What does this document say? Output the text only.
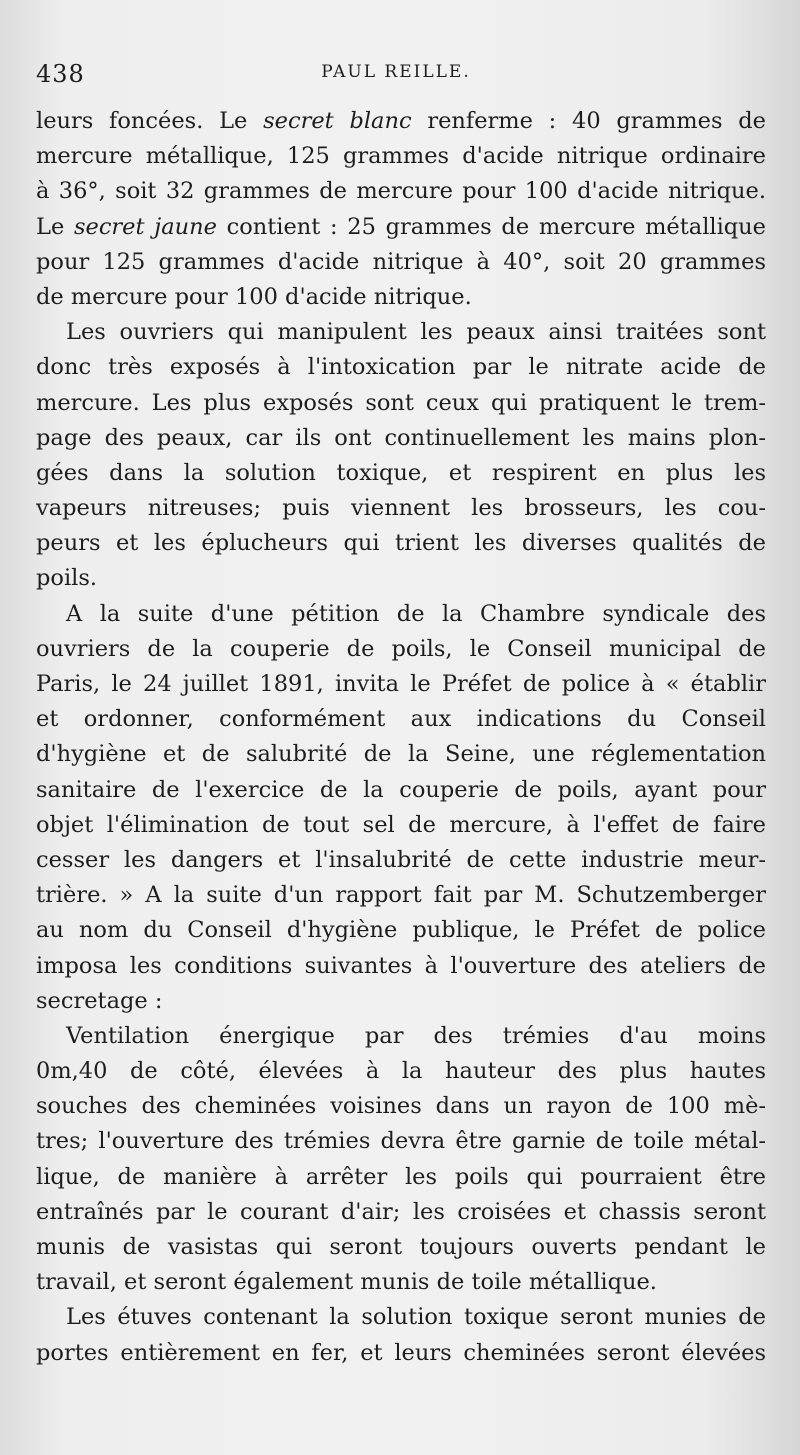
438	PAUL REILLE.
leurs foncées. Le secret blanc renferme : 40 grammes de
mercure métallique, 125 grammes d'acide nitrique ordinaire
à 36°, soit 32 grammes de mercure pour 100 d'acide nitrique.
Le secret jaune contient : 25 grammes de mercure métallique
pour 125 grammes d'acide nitrique à 40°, soit 20 grammes
de mercure pour 100 d'acide nitrique.
Les ouvriers qui manipulent les peaux ainsi traitées sont
donc très exposés à l'intoxication par le nitrate acide de
mercure. Les plus exposés sont ceux qui pratiquent le trem-
page des peaux, car ils ont continuellement les mains plon-
gées dans la solution toxique, et respirent en plus les
vapeurs nitreuses; puis viennent les brosseurs, les cou-
peurs et les éplucheurs qui trient les diverses qualités de
poils.
A la suite d'une pétition de la Chambre syndicale des
ouvriers de la couperie de poils, le Conseil municipal de
Paris, le 24 juillet 1891, invita le Préfet de police à « établir
et ordonner, conformément aux indications du Conseil
d'hygiène et de salubrité de la Seine, une réglementation
sanitaire de l'exercice de la couperie de poils, ayant pour
objet l'élimination de tout sel de mercure, à l'effet de faire
cesser les dangers et l'insalubrité de cette industrie meur-
trière. » A la suite d'un rapport fait par M. Schutzemberger
au nom du Conseil d'hygiène publique, le Préfet de police
imposa les conditions suivantes à l'ouverture des ateliers de
secretage :
Ventilation énergique par des trémies d'au moins
0m,40 de côté, élevées à la hauteur des plus hautes
souches des cheminées voisines dans un rayon de 100 mè-
tres; l'ouverture des trémies devra être garnie de toile métal-
lique, de manière à arrêter les poils qui pourraient être
entraînés par le courant d'air; les croisées et chassis seront
munis de vasistas qui seront toujours ouverts pendant le
travail, et seront également munis de toile métallique.
Les étuves contenant la solution toxique seront munies de
portes entièrement en fer, et leurs cheminées seront élevées
